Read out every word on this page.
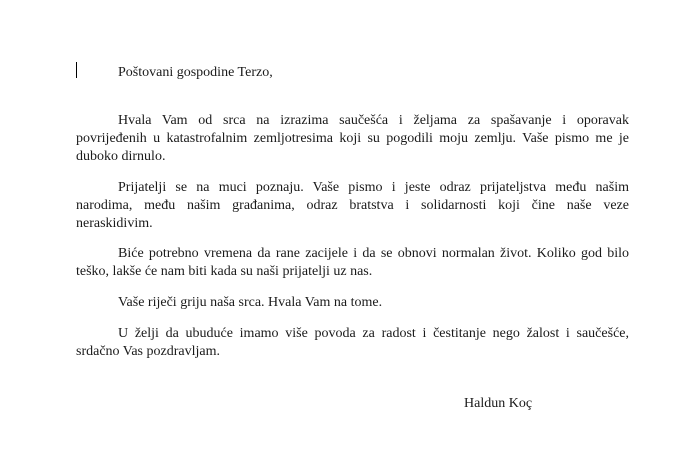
Poštovani gospodine Terzo,
Hvala Vam od srca na izrazima saučešća i željama za spašavanje i oporavak
povrijeđenih u katastrofalnim zemljotresima koji su pogodili moju zemlju. Vaše pismo me je
duboko dirnulo.
Prijatelji se na muci poznaju. Vaše pismo i jeste odraz prijateljstva među našim
narodima, među našim građanima, odraz bratstva i solidarnosti koji čine naše veze
neraskidivim.
Biće potrebno vremena da rane zacijele i da se obnovi normalan život. Koliko god bilo
teško, lakše će nam biti kada su naši prijatelji uz nas.
Vaše riječi griju naša srca. Hvala Vam na tome.
U želji da ubuduće imamo više povoda za radost i čestitanje nego žalost i saučešće,
srdačno Vas pozdravljam.
Haldun Koç
